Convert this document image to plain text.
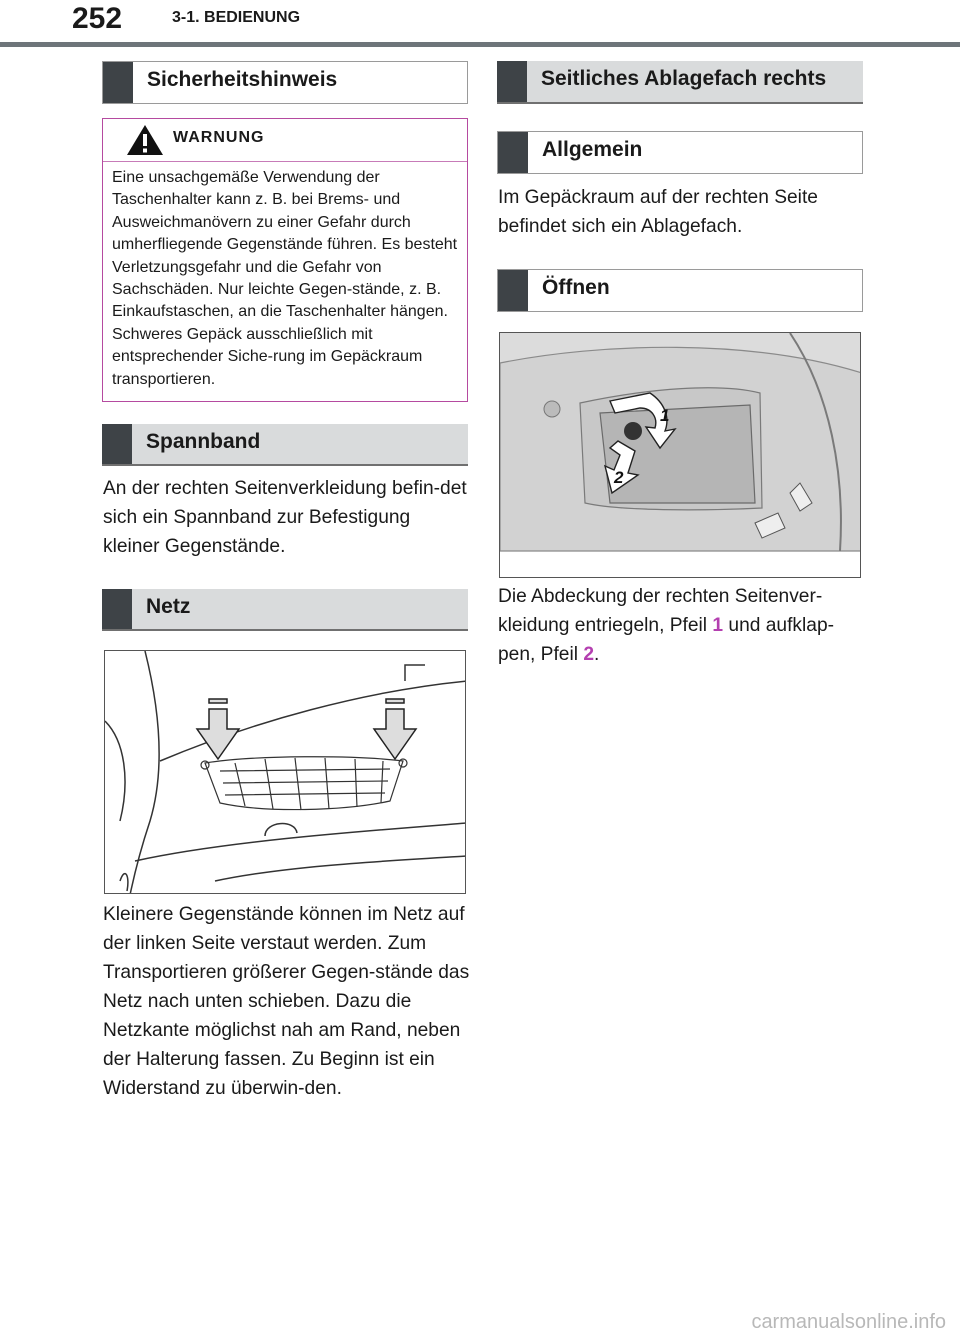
252	3-1. BEDIENUNG
Sicherheitshinweis
WARNUNG
Eine unsachgemäße Verwendung der Taschenhalter kann z. B. bei Brems- und Ausweichmanövern zu einer Gefahr durch umherfliegende Gegenstände führen. Es besteht Verletzungsgefahr und die Gefahr von Sachschäden. Nur leichte Gegen-stände, z. B. Einkaufstaschen, an die Taschenhalter hängen. Schweres Gepäck ausschließlich mit entsprechender Siche-rung im Gepäckraum transportieren.
Spannband
An der rechten Seitenverkleidung befin-det sich ein Spannband zur Befestigung kleiner Gegenstände.
Netz
Kleinere Gegenstände können im Netz auf der linken Seite verstaut werden. Zum Transportieren größerer Gegen-stände das Netz nach unten schieben. Dazu die Netzkante möglichst nah am Rand, neben der Halterung fassen. Zu Beginn ist ein Widerstand zu überwin-den.
Seitliches Ablagefach rechts
Allgemein
Im Gepäckraum auf der rechten Seite befindet sich ein Ablagefach.
Öffnen
1
2
Die Abdeckung der rechten Seitenver-kleidung entriegeln, Pfeil 1 und aufklap-pen, Pfeil 2.
carmanualsonline.info
